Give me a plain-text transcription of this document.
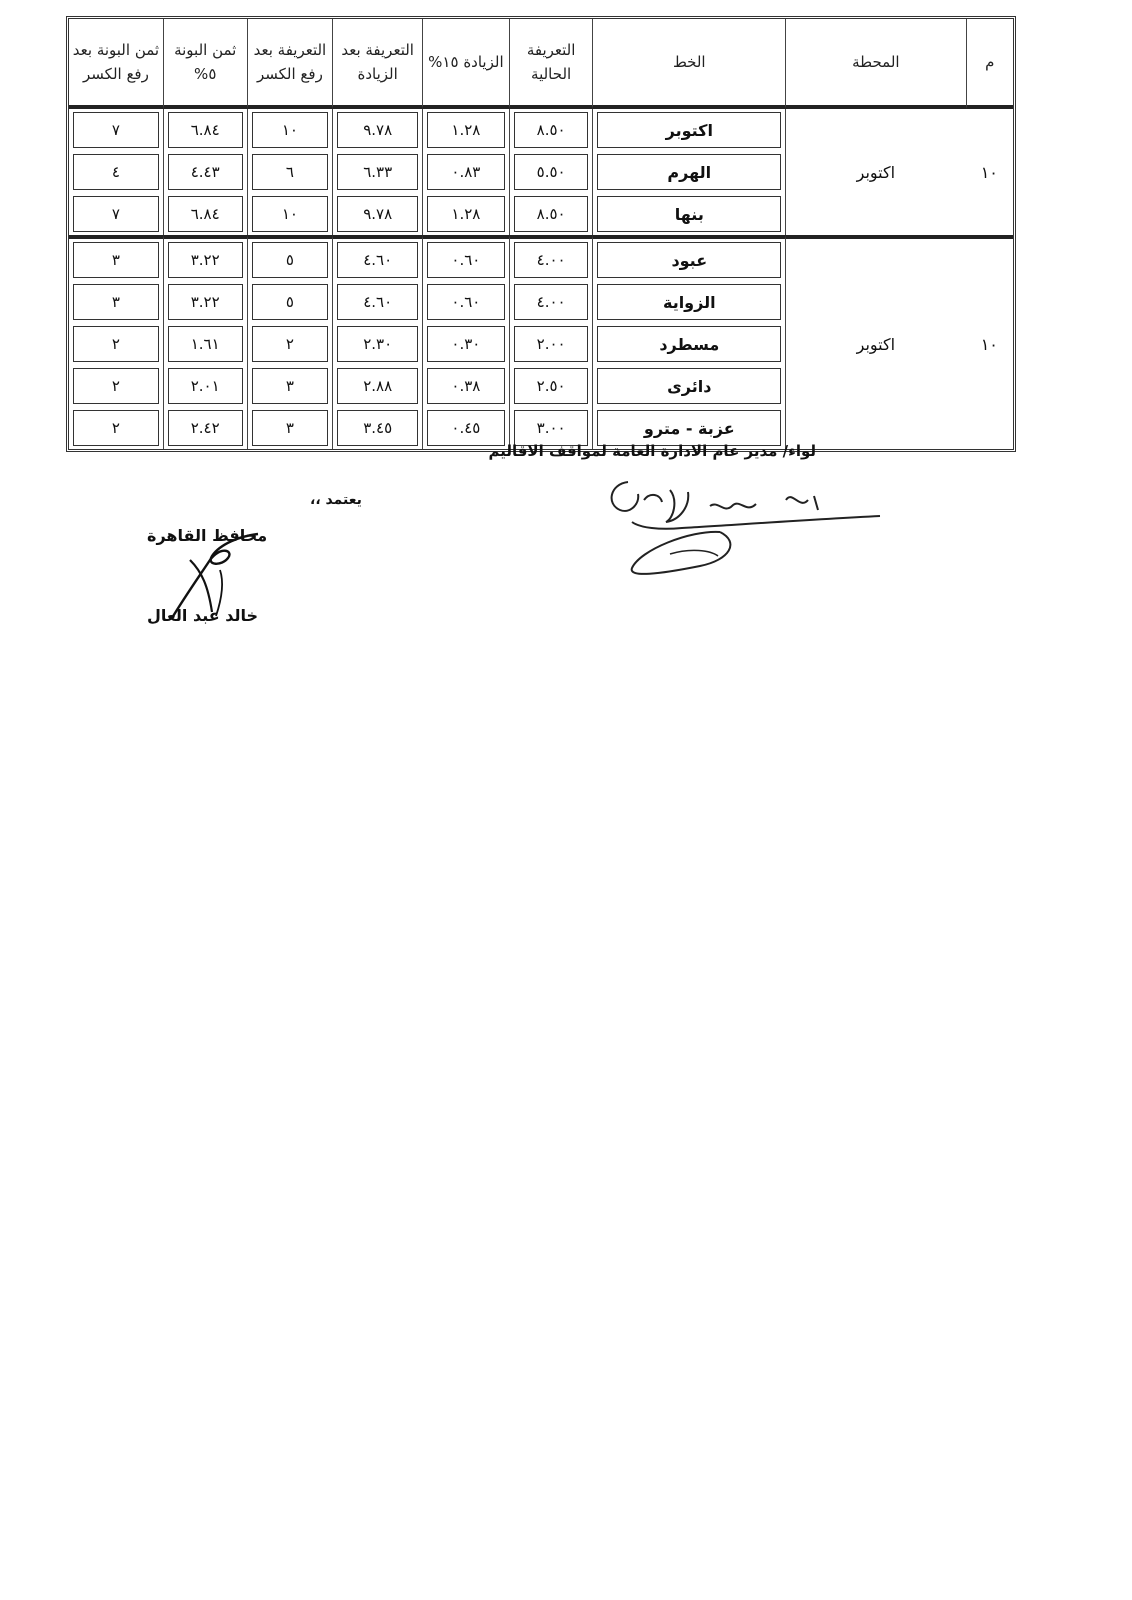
م	المحطة	الخط	التعريفة الحالية	الزيادة ١٥%	التعريفة بعد الزيادة	التعريفة بعد رفع الكسر	ثمن البونة ٥%	ثمن البونة بعد رفع الكسر
١٠	اكتوبر	اكتوبر	٨.٥٠	١.٢٨	٩.٧٨	١٠	٦.٨٤	٧

الهرم	٥.٥٠	٠.٨٣	٦.٣٣	٦	٤.٤٣	٤

بنها	٨.٥٠	١.٢٨	٩.٧٨	١٠	٦.٨٤	٧

١٠	اكتوبر	عبود	٤.٠٠	٠.٦٠	٤.٦٠	٥	٣.٢٢	٣

الزواية	٤.٠٠	٠.٦٠	٤.٦٠	٥	٣.٢٢	٣

مسطرد	٢.٠٠	٠.٣٠	٢.٣٠	٢	١.٦١	٢

دائرى	٢.٥٠	٠.٣٨	٢.٨٨	٣	٢.٠١	٢

عزبة - مترو	٣.٠٠	٠.٤٥	٣.٤٥	٣	٢.٤٢	٢
لواء/ مدير عام الادارة العامة لمواقف الاقاليم
يعتمد ،،
محافظ القاهرة
خالد عبد العال
